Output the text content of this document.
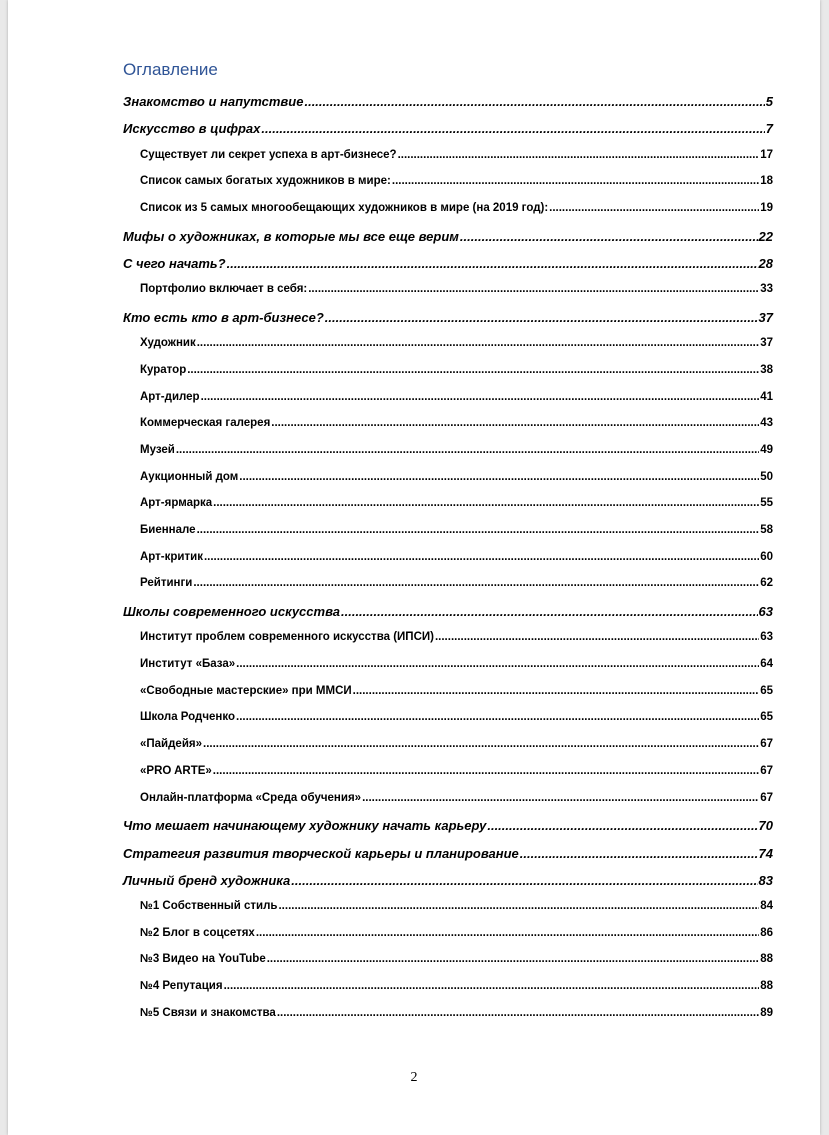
Оглавление
Знакомство и напутствие .....	5
Искусство в цифрах .....	7
Существует ли секрет успеха в арт-бизнесе? .....	17
Список самых богатых художников в мире: .....	18
Список из 5 самых многообещающих художников в мире (на 2019 год): .....	19
Мифы о художниках, в которые мы все еще верим .....	22
С чего начать? .....	28
Портфолио включает в себя: .....	33
Кто есть кто в арт-бизнесе? .....	37
Художник .....	37
Куратор .....	38
Арт-дилер .....	41
Коммерческая галерея .....	43
Музей .....	49
Аукционный дом .....	50
Арт-ярмарка .....	55
Биеннале .....	58
Арт-критик .....	60
Рейтинги .....	62
Школы современного искусства .....	63
Институт проблем современного искусства (ИПСИ) .....	63
Институт «База» .....	64
«Свободные мастерские» при ММСИ .....	65
Школа Родченко .....	65
«Пайдейя» .....	67
«PRO ARTE» .....	67
Онлайн-платформа «Среда обучения» .....	67
Что мешает начинающему художнику начать карьеру .....	70
Стратегия развития творческой карьеры и планирование .....	74
Личный бренд художника .....	83
№1 Собственный стиль .....	84
№2 Блог в соцсетях .....	86
№3 Видео на YouTube .....	88
№4 Репутация .....	88
№5 Связи и знакомства .....	89
2
